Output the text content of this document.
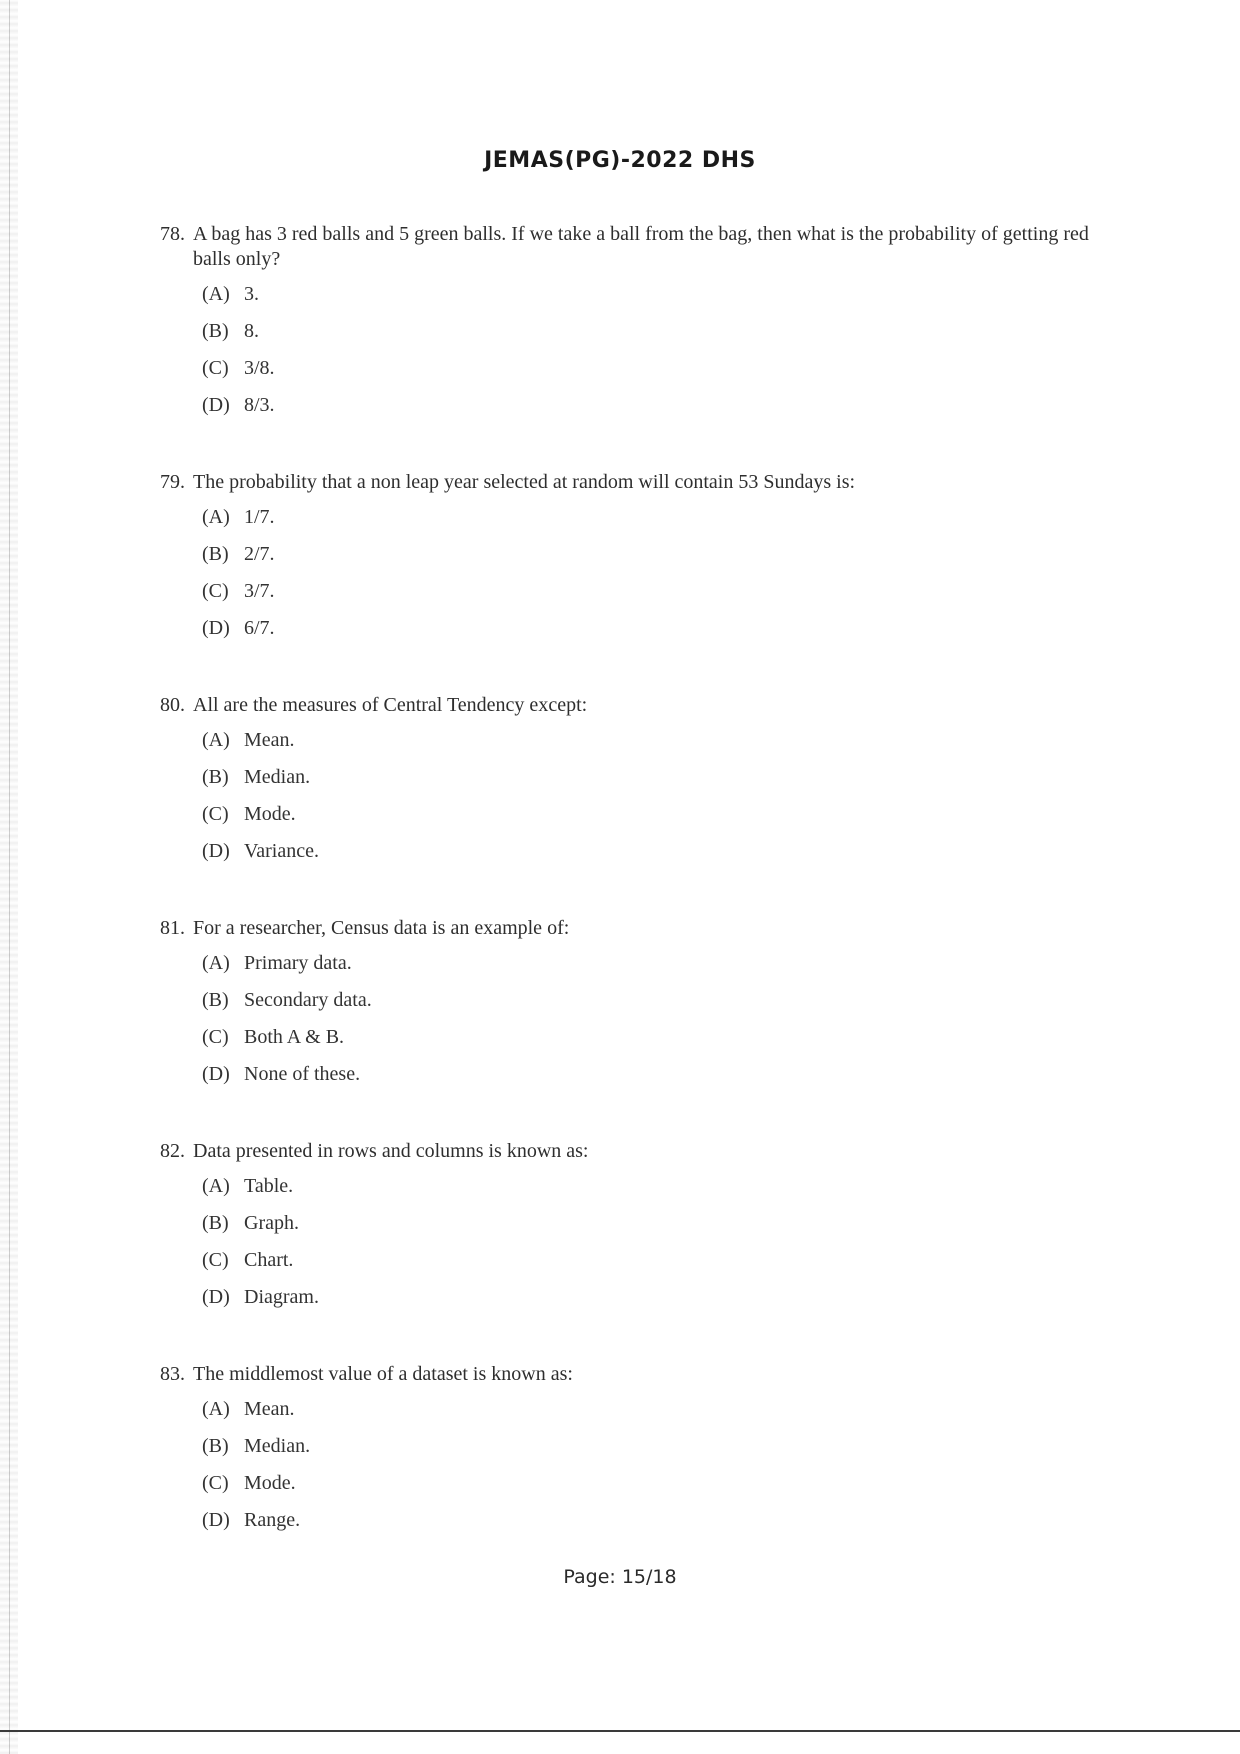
JEMAS(PG)-2022 DHS
78. A bag has 3 red balls and 5 green balls. If we take a ball from the bag, then what is the probability of getting red balls only?
(A) 3.
(B) 8.
(C) 3/8.
(D) 8/3.
79. The probability that a non leap year selected at random will contain 53 Sundays is:
(A) 1/7.
(B) 2/7.
(C) 3/7.
(D) 6/7.
80. All are the measures of Central Tendency except:
(A) Mean.
(B) Median.
(C) Mode.
(D) Variance.
81. For a researcher, Census data is an example of:
(A) Primary data.
(B) Secondary data.
(C) Both A & B.
(D) None of these.
82. Data presented in rows and columns is known as:
(A) Table.
(B) Graph.
(C) Chart.
(D) Diagram.
83. The middlemost value of a dataset is known as:
(A) Mean.
(B) Median.
(C) Mode.
(D) Range.
Page: 15/18
